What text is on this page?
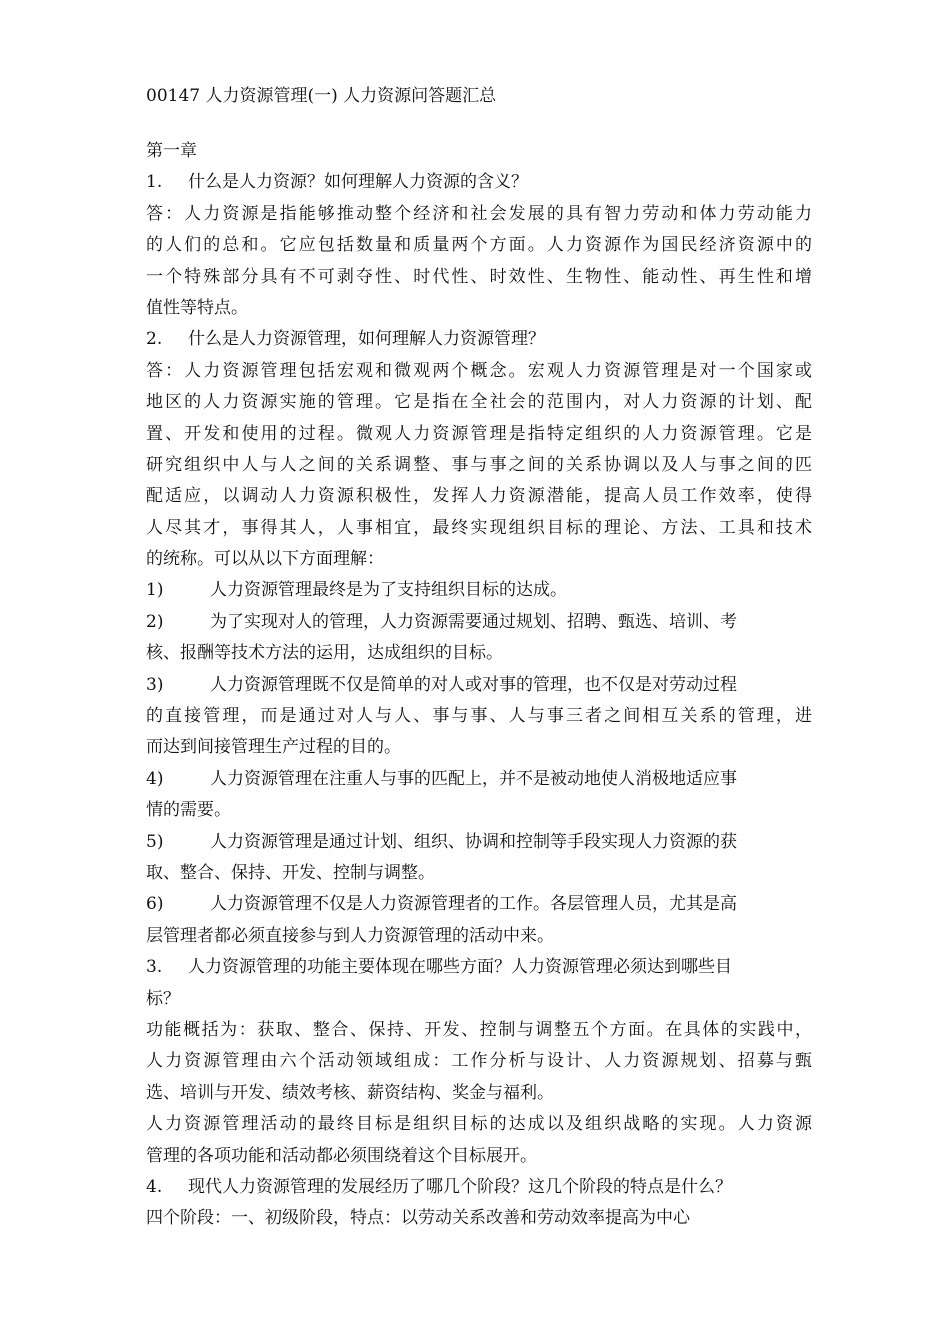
00147 人力资源管理(一) 人力资源问答题汇总
第一章
1. 什么是人力资源？如何理解人力资源的含义？
答：人力资源是指能够推动整个经济和社会发展的具有智力劳动和体力劳动能力
的人们的总和。它应包括数量和质量两个方面。人力资源作为国民经济资源中的
一个特殊部分具有不可剥夺性、时代性、时效性、生物性、能动性、再生性和增
值性等特点。
2. 什么是人力资源管理，如何理解人力资源管理？
答：人力资源管理包括宏观和微观两个概念。宏观人力资源管理是对一个国家或
地区的人力资源实施的管理。它是指在全社会的范围内，对人力资源的计划、配
置、开发和使用的过程。微观人力资源管理是指特定组织的人力资源管理。它是
研究组织中人与人之间的关系调整、事与事之间的关系协调以及人与事之间的匹
配适应，以调动人力资源积极性，发挥人力资源潜能，提高人员工作效率，使得
人尽其才，事得其人，人事相宜，最终实现组织目标的理论、方法、工具和技术
的统称。可以从以下方面理解：
1)	人力资源管理最终是为了支持组织目标的达成。
2)	为了实现对人的管理，人力资源需要通过规划、招聘、甄选、培训、考
核、报酬等技术方法的运用，达成组织的目标。
3)	人力资源管理既不仅是简单的对人或对事的管理，也不仅是对劳动过程
的直接管理，而是通过对人与人、事与事、人与事三者之间相互关系的管理，进
而达到间接管理生产过程的目的。
4)	人力资源管理在注重人与事的匹配上，并不是被动地使人消极地适应事
情的需要。
5)	人力资源管理是通过计划、组织、协调和控制等手段实现人力资源的获
取、整合、保持、开发、控制与调整。
6)	人力资源管理不仅是人力资源管理者的工作。各层管理人员，尤其是高
层管理者都必须直接参与到人力资源管理的活动中来。
3. 人力资源管理的功能主要体现在哪些方面？人力资源管理必须达到哪些目
标？
功能概括为：获取、整合、保持、开发、控制与调整五个方面。在具体的实践中，
人力资源管理由六个活动领域组成：工作分析与设计、人力资源规划、招募与甄
选、培训与开发、绩效考核、薪资结构、奖金与福利。
人力资源管理活动的最终目标是组织目标的达成以及组织战略的实现。人力资源
管理的各项功能和活动都必须围绕着这个目标展开。
4. 现代人力资源管理的发展经历了哪几个阶段？这几个阶段的特点是什么？
四个阶段：一、初级阶段，特点：以劳动关系改善和劳动效率提高为中心
